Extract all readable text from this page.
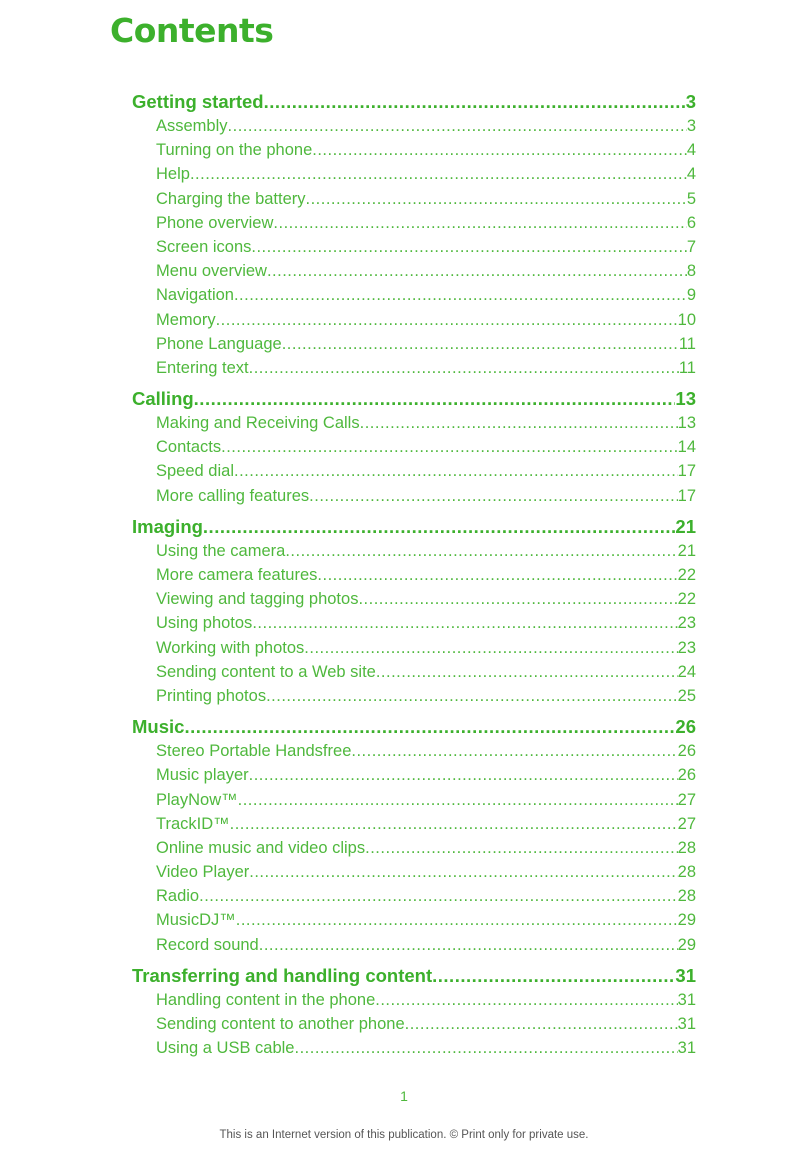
Contents
Getting started .....	3
Assembly .....	3
Turning on the phone .....	4
Help .....	4
Charging the battery .....	5
Phone overview .....	6
Screen icons .....	7
Menu overview .....	8
Navigation .....	9
Memory .....	10
Phone Language .....	11
Entering text .....	11
Calling .....	13
Making and Receiving Calls .....	13
Contacts .....	14
Speed dial .....	17
More calling features .....	17
Imaging .....	21
Using the camera .....	21
More camera features .....	22
Viewing and tagging photos .....	22
Using photos .....	23
Working with photos .....	23
Sending content to a Web site .....	24
Printing photos .....	25
Music .....	26
Stereo Portable Handsfree .....	26
Music player .....	26
PlayNow™ .....	27
TrackID™ .....	27
Online music and video clips .....	28
Video Player .....	28
Radio .....	28
MusicDJ™ .....	29
Record sound .....	29
Transferring and handling content .....	31
Handling content in the phone .....	31
Sending content to another phone .....	31
Using a USB cable .....	31
1
This is an Internet version of this publication. © Print only for private use.
